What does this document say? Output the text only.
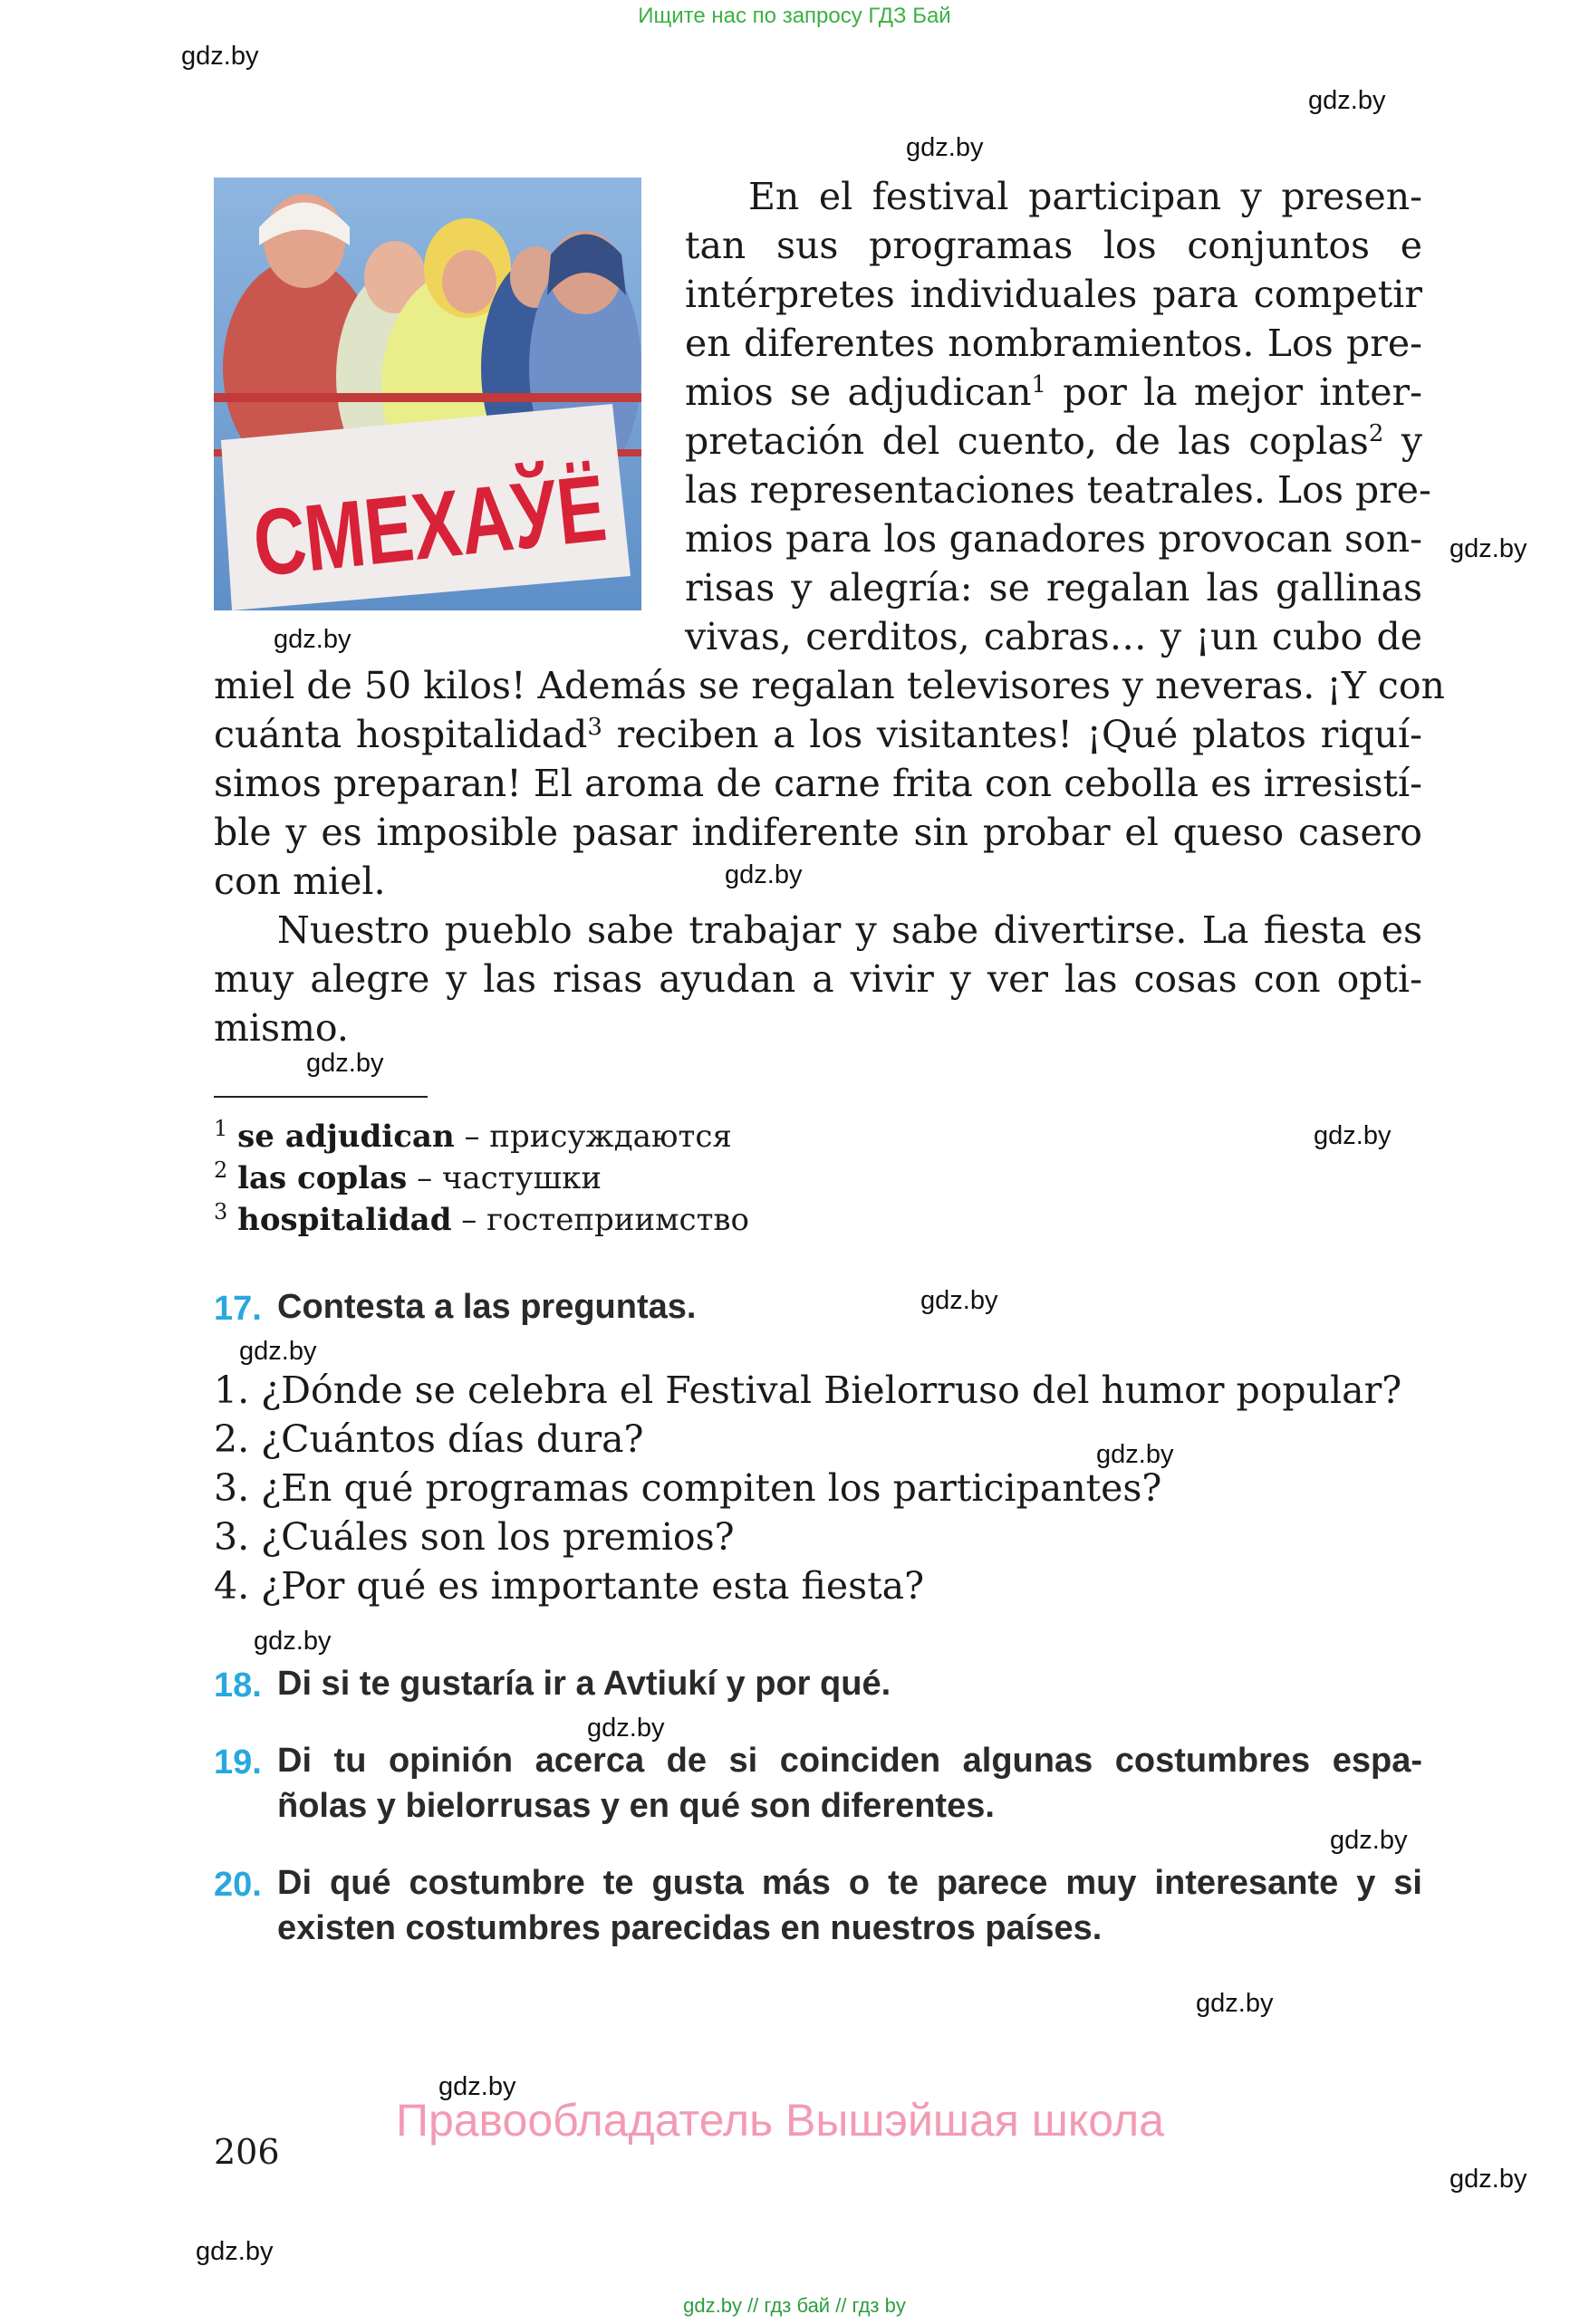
Ищите нас по запросу ГДЗ Бай
gdz.by
gdz.by
gdz.by
gdz.by
gdz.by
gdz.by
gdz.by
gdz.by
gdz.by
gdz.by
gdz.by
gdz.by
gdz.by
gdz.by
gdz.by
gdz.by
gdz.by
gdz.by
СМЕХАЎЁ
En el festival participan y presen-
tan sus programas los conjuntos e
intérpretes individuales para competir
en diferentes nombramientos. Los pre-
mios se adjudican$^1$ por la mejor inter-
pretación del cuento, de las coplas$^2$ y
las representaciones teatrales. Los pre-
mios para los ganadores provocan son-
risas y alegría: se regalan las gallinas
vivas, cerditos, cabras… y ¡un cubo de
miel de 50 kilos! Además se regalan televisores y neveras. ¡Y con
cuánta hospitalidad$^3$ reciben a los visitantes! ¡Qué platos riquí-
simos preparan! El aroma de carne frita con cebolla es irresistí-
ble y es imposible pasar indiferente sin probar el queso casero
con miel.
Nuestro pueblo sabe trabajar y sabe divertirse. La fiesta es
muy alegre y las risas ayudan a vivir y ver las cosas con opti-
mismo.
$^1$ se adjudican – присуждаются
$^2$ las coplas – частушки
$^3$ hospitalidad – гостеприимство
17. Contesta a las preguntas.
1. ¿Dónde se celebra el Festival Bielorruso del humor popular?
2. ¿Cuántos días dura?
3. ¿En qué programas compiten los participantes?
3. ¿Cuáles son los premios?
4. ¿Por qué es importante esta fiesta?
18. Di si te gustaría ir a Avtiukí y por qué.
19. Di tu opinión acerca de si coinciden algunas costumbres espa-
ñolas y bielorrusas y en qué son diferentes.
20. Di qué costumbre te gusta más o te parece muy interesante y si
existen costumbres parecidas en nuestros países.
Правообладатель Вышэйшая школа
206
gdz.by // гдз бай // гдз by
